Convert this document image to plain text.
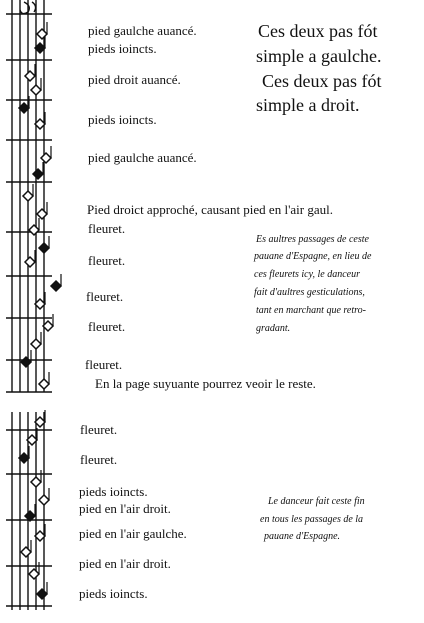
pied gaulche auancé.
pieds ioincts.
pied droit auancé.
pieds ioincts.
pied gaulche auancé.
Ces deux pas fót
simple a gaulche.
Ces deux pas fót
simple a droit.
Pied droict approché, causant pied en l'air gaul.
fleuret.
fleuret.
fleuret.
fleuret.
fleuret.
Es aultres passages de ceste
pauane d'Espagne, en lieu de
ces fleurets icy, le danceur
fait d'aultres gesticulations,
tant en marchant que retro-
gradant.
En la page suyuante pourrez veoir le reste.
fleuret.
fleuret.
pieds ioincts.
pied en l'air droit.
pied en l'air gaulche.
pied en l'air droit.
pieds ioincts.
Le danceur fait ceste fin
en tous les passages de la
pauane d'Espagne.
